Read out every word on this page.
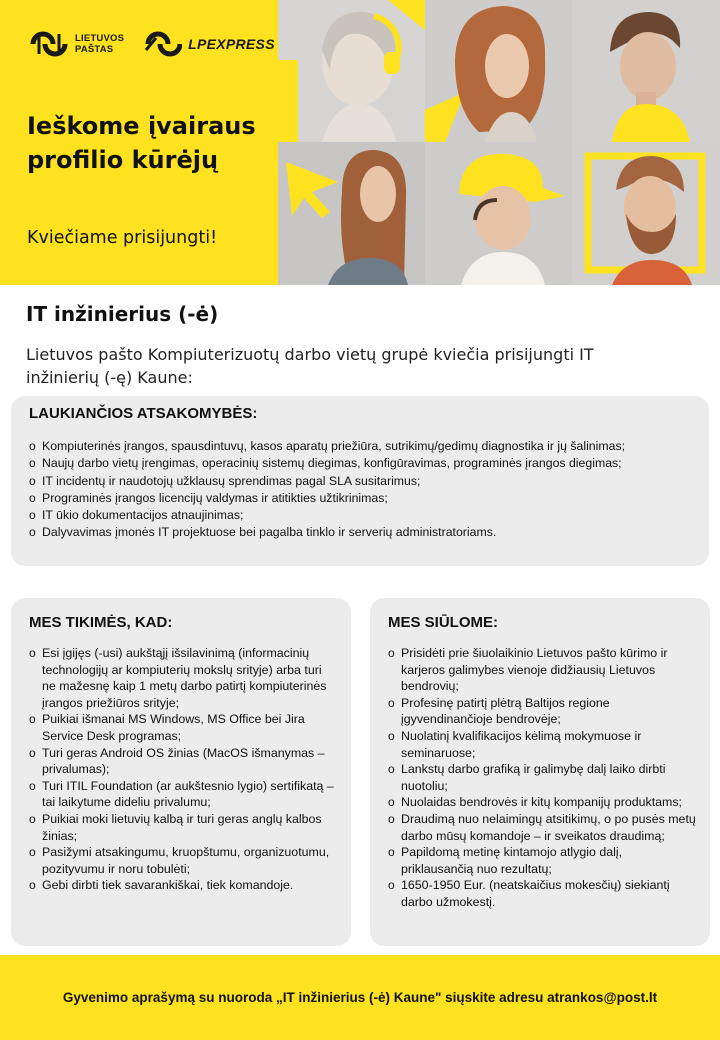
LIETUVOS
PAŠTAS	LPEXPRESS
Ieškome įvairaus profilio kūrėjų
Kviečiame prisijungti!
IT inžinierius (-ė)
Lietuvos pašto Kompiuterizuotų darbo vietų grupė kviečia prisijungti IT inžinierių (-ę) Kaune:
LAUKIANČIOS ATSAKOMYBĖS:
o Kompiuterinės įrangos, spausdintuvų, kasos aparatų priežiūra, sutrikimų/gedimų diagnostika ir jų šalinimas;
o Naujų darbo vietų įrengimas, operacinių sistemų diegimas, konfigūravimas, programinės įrangos diegimas;
o IT incidentų ir naudotojų užklausų sprendimas pagal SLA susitarimus;
o Programinės įrangos licencijų valdymas ir atitikties užtikrinimas;
o IT ūkio dokumentacijos atnaujinimas;
o Dalyvavimas įmonės IT projektuose bei pagalba tinklo ir serverių administratoriams.
MES TIKIMĖS, KAD:
o Esi įgijęs (-usi) aukštąjį išsilavinimą (informacinių technologijų ar kompiuterių mokslų srityje) arba turi ne mažesnę kaip 1 metų darbo patirtį kompiuterinės įrangos priežiūros srityje;
o Puikiai išmanai MS Windows, MS Office bei Jira Service Desk programas;
o Turi geras Android OS žinias (MacOS išmanymas – privalumas);
o Turi ITIL Foundation (ar aukštesnio lygio) sertifikatą – tai laikytume dideliu privalumu;
o Puikiai moki lietuvių kalbą ir turi geras anglų kalbos žinias;
o Pasižymi atsakingumu, kruopštumu, organizuotumu, pozityvumu ir noru tobulėti;
o Gebi dirbti tiek savarankiškai, tiek komandoje.
MES SIŪLOME:
o Prisidėti prie šiuolaikinio Lietuvos pašto kūrimo ir karjeros galimybes vienoje didžiausių Lietuvos bendrovių;
o Profesinę patirtį plėtrą Baltijos regione įgyvendinančioje bendrovėje;
o Nuolatinį kvalifikacijos kėlimą mokymuose ir seminaruose;
o Lankstų darbo grafiką ir galimybę dalį laiko dirbti nuotoliu;
o Nuolaidas bendrovės ir kitų kompanijų produktams;
o Draudimą nuo nelaimingų atsitikimų, o po pusės metų darbo mūsų komandoje – ir sveikatos draudimą;
o Papildomą metinę kintamojo atlygio dalį, priklausančią nuo rezultatų;
o 1650-1950 Eur. (neatskaičius mokesčių) siekiantį darbo užmokestį.
Gyvenimo aprašymą su nuoroda „IT inžinierius (-ė) Kaune" siųskite adresu atrankos@post.lt
